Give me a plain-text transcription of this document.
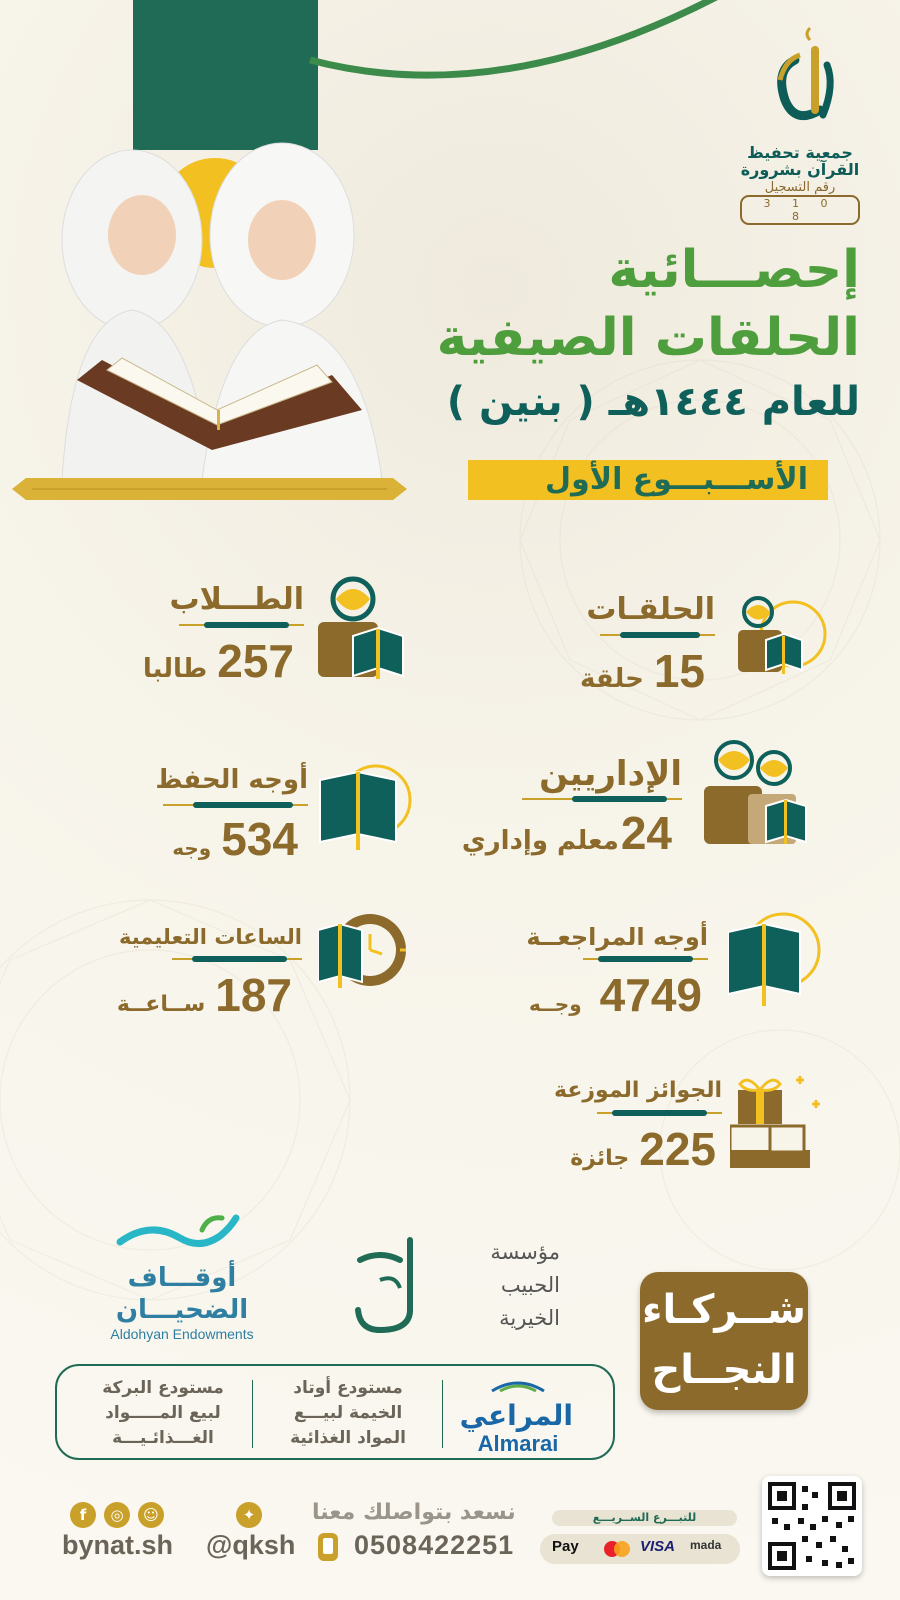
جمعية تحفيظ القرآن بشرورة
رقم التسجيل
3 1 0 8
إحصـــائية
الحلقات الصيفية
للعام ١٤٤٤هـ ( بنين )
الأســـبـــوع الأول
الطـــلاب
257طالبا
الحلقـات
15حلقة
أوجه الحفظ
534وجه
الإداريين
24معلم وإداري
الساعات التعليمية
187ســاعــة
أوجه المراجعــة
4749وجــه
الجوائز الموزعة
225جائزة
شــركـاء
النجــاح
أوقـــاف
الضحيـــان
Aldohyan Endowments
مؤسسة
الحبيب
الخيرية
المراعي
Almarai
مستودع أوتاد
الخيمة لبيـــع
المواد الغذائية
مستودع البركة
لبيع المـــــواد
الغـــذائـيـــة
f	◎	☺	✦
bynat.sh @qksh
نسعد بتواصلك معنا
0508422251
للتبـــرع الســريـــع
Pay	VISA mada
